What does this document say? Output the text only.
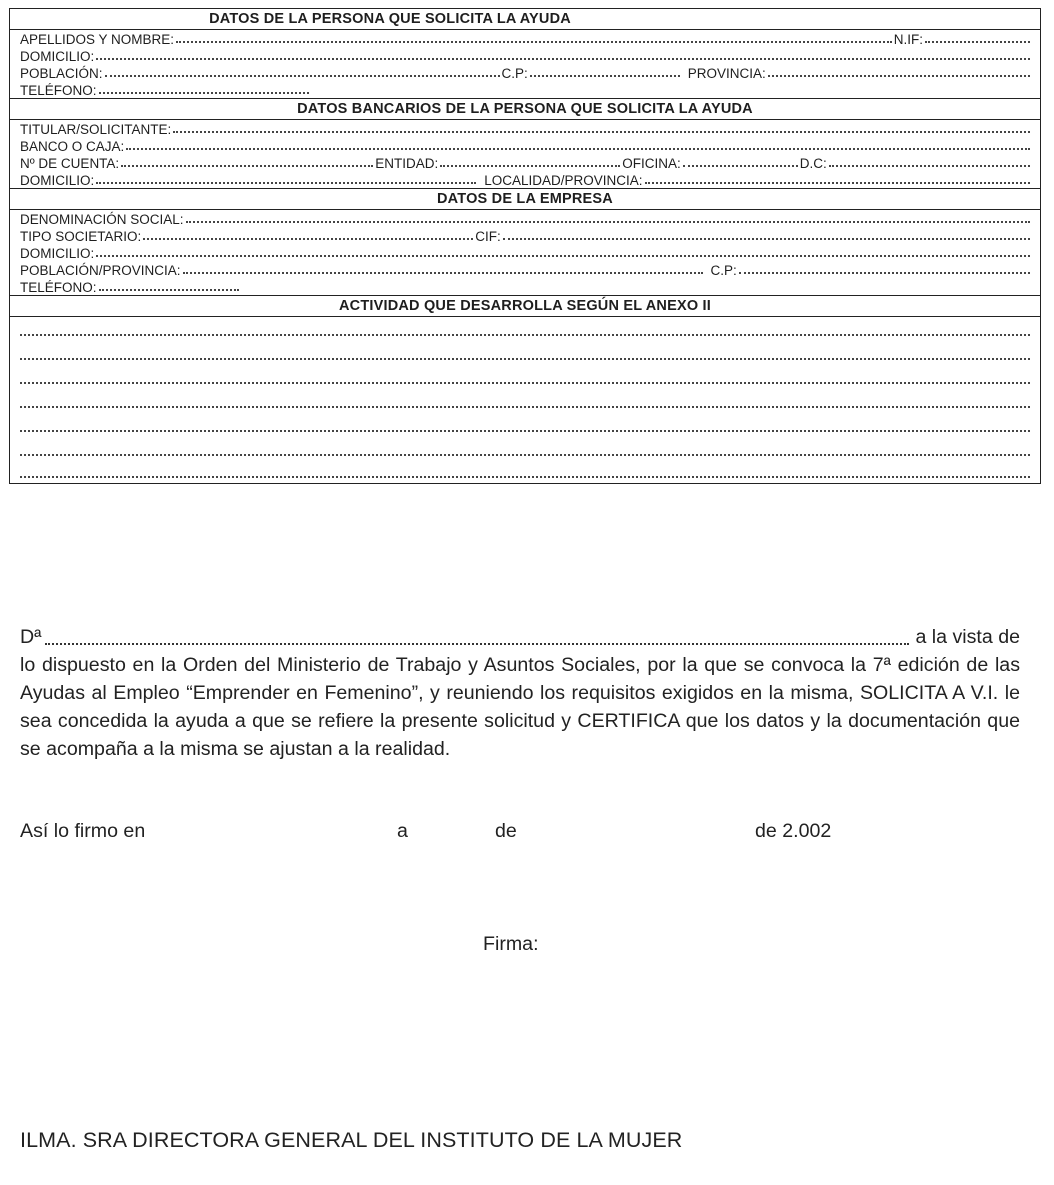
DATOS DE LA PERSONA QUE SOLICITA LA AYUDA
APELLIDOS Y NOMBRE:	N.IF:
DOMICILIO:
POBLACIÓN:	C.P:	PROVINCIA:
TELÉFONO:
DATOS BANCARIOS DE LA PERSONA QUE SOLICITA LA AYUDA
TITULAR/SOLICITANTE:
BANCO O CAJA:
Nº DE CUENTA:	ENTIDAD:	OFICINA:	D.C:
DOMICILIO:	LOCALIDAD/PROVINCIA:
DATOS DE LA EMPRESA
DENOMINACIÓN SOCIAL:
TIPO SOCIETARIO:	CIF:
DOMICILIO:
POBLACIÓN/PROVINCIA:	C.P:
TELÉFONO:
ACTIVIDAD QUE DESARROLLA SEGÚN EL ANEXO II
Dª	a la vista de
lo dispuesto en la Orden del Ministerio de Trabajo y Asuntos Sociales, por la que se convoca la 7ª edición de las Ayudas al Empleo “Emprender en Femenino”, y reuniendo los requisitos exigidos en la misma, SOLICITA A V.I. le sea concedida la ayuda a que se refiere la presente solicitud y CERTIFICA que los datos y la documentación que se acompaña a la misma se ajustan a la realidad.
Así lo firmo en	a	de	de 2.002
Firma:
ILMA. SRA DIRECTORA GENERAL DEL INSTITUTO DE LA MUJER
